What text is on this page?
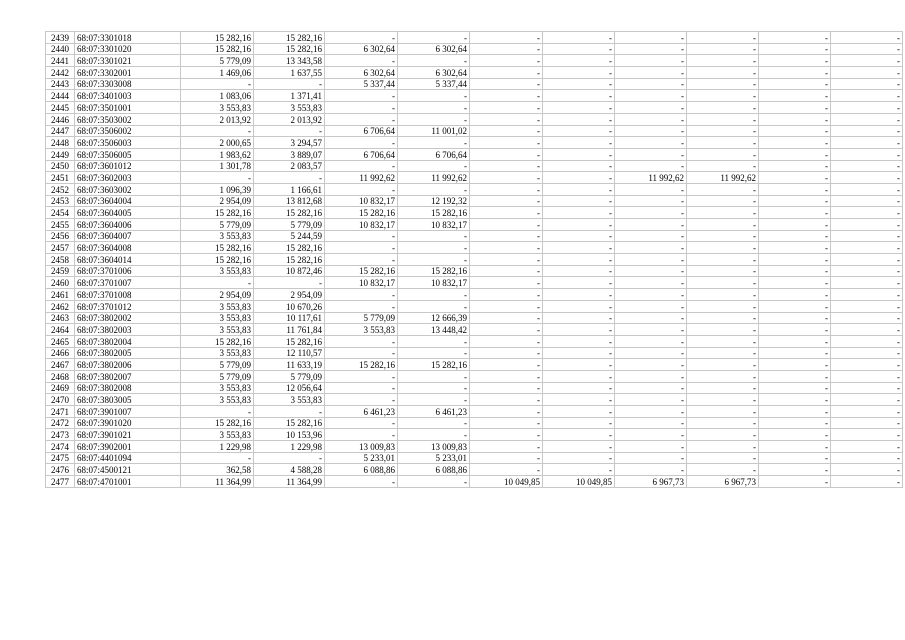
2439	68:07:3301018	15 282,16	15 282,16	-	-	-	-	-	-	-	-
2440	68:07:3301020	15 282,16	15 282,16	6 302,64	6 302,64	-	-	-	-	-	-
2441	68:07:3301021	5 779,09	13 343,58	-	-	-	-	-	-	-	-
2442	68:07:3302001	1 469,06	1 637,55	6 302,64	6 302,64	-	-	-	-	-	-
2443	68:07:3303008	-	-	5 337,44	5 337,44	-	-	-	-	-	-
2444	68:07:3401003	1 083,06	1 371,41	-	-	-	-	-	-	-	-
2445	68:07:3501001	3 553,83	3 553,83	-	-	-	-	-	-	-	-
2446	68:07:3503002	2 013,92	2 013,92	-	-	-	-	-	-	-	-
2447	68:07:3506002	-	-	6 706,64	11 001,02	-	-	-	-	-	-
2448	68:07:3506003	2 000,65	3 294,57	-	-	-	-	-	-	-	-
2449	68:07:3506005	1 983,62	3 889,07	6 706,64	6 706,64	-	-	-	-	-	-
2450	68:07:3601012	1 301,78	2 083,57	-	-	-	-	-	-	-	-
2451	68:07:3602003	-	-	11 992,62	11 992,62	-	-	11 992,62	11 992,62	-	-
2452	68:07:3603002	1 096,39	1 166,61	-	-	-	-	-	-	-	-
2453	68:07:3604004	2 954,09	13 812,68	10 832,17	12 192,32	-	-	-	-	-	-
2454	68:07:3604005	15 282,16	15 282,16	15 282,16	15 282,16	-	-	-	-	-	-
2455	68:07:3604006	5 779,09	5 779,09	10 832,17	10 832,17	-	-	-	-	-	-
2456	68:07:3604007	3 553,83	5 244,59	-	-	-	-	-	-	-	-
2457	68:07:3604008	15 282,16	15 282,16	-	-	-	-	-	-	-	-
2458	68:07:3604014	15 282,16	15 282,16	-	-	-	-	-	-	-	-
2459	68:07:3701006	3 553,83	10 872,46	15 282,16	15 282,16	-	-	-	-	-	-
2460	68:07:3701007	-	-	10 832,17	10 832,17	-	-	-	-	-	-
2461	68:07:3701008	2 954,09	2 954,09	-	-	-	-	-	-	-	-
2462	68:07:3701012	3 553,83	10 670,26	-	-	-	-	-	-	-	-
2463	68:07:3802002	3 553,83	10 117,61	5 779,09	12 666,39	-	-	-	-	-	-
2464	68:07:3802003	3 553,83	11 761,84	3 553,83	13 448,42	-	-	-	-	-	-
2465	68:07:3802004	15 282,16	15 282,16	-	-	-	-	-	-	-	-
2466	68:07:3802005	3 553,83	12 110,57	-	-	-	-	-	-	-	-
2467	68:07:3802006	5 779,09	11 633,19	15 282,16	15 282,16	-	-	-	-	-	-
2468	68:07:3802007	5 779,09	5 779,09	-	-	-	-	-	-	-	-
2469	68:07:3802008	3 553,83	12 056,64	-	-	-	-	-	-	-	-
2470	68:07:3803005	3 553,83	3 553,83	-	-	-	-	-	-	-	-
2471	68:07:3901007	-	-	6 461,23	6 461,23	-	-	-	-	-	-
2472	68:07:3901020	15 282,16	15 282,16	-	-	-	-	-	-	-	-
2473	68:07:3901021	3 553,83	10 153,96	-	-	-	-	-	-	-	-
2474	68:07:3902001	1 229,98	1 229,98	13 009,83	13 009,83	-	-	-	-	-	-
2475	68:07:4401094	-	-	5 233,01	5 233,01	-	-	-	-	-	-
2476	68:07:4500121	362,58	4 588,28	6 088,86	6 088,86	-	-	-	-	-	-
2477	68:07:4701001	11 364,99	11 364,99	-	-	10 049,85	10 049,85	6 967,73	6 967,73	-	-
